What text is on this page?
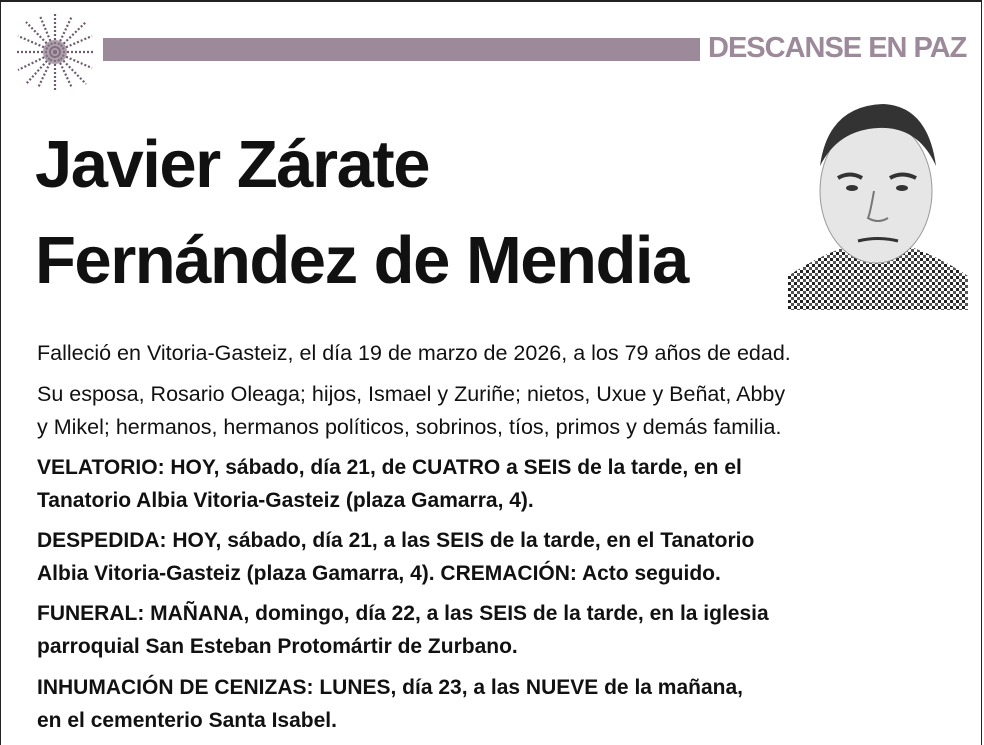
DESCANSE EN PAZ
Javier Zárate
Fernández de Mendia
Falleció en Vitoria-Gasteiz, el día 19 de marzo de 2026, a los 79 años de edad.
Su esposa, Rosario Oleaga; hijos, Ismael y Zuriñe; nietos, Uxue y Beñat, Abby
y Mikel; hermanos, hermanos políticos, sobrinos, tíos, primos y demás familia.
VELATORIO: HOY, sábado, día 21, de CUATRO a SEIS de la tarde, en el
Tanatorio Albia Vitoria-Gasteiz (plaza Gamarra, 4).
DESPEDIDA: HOY, sábado, día 21, a las SEIS de la tarde, en el Tanatorio
Albia Vitoria-Gasteiz (plaza Gamarra, 4). CREMACIÓN: Acto seguido.
FUNERAL: MAÑANA, domingo, día 22, a las SEIS de la tarde, en la iglesia
parroquial San Esteban Protomártir de Zurbano.
INHUMACIÓN DE CENIZAS: LUNES, día 23, a las NUEVE de la mañana,
en el cementerio Santa Isabel.
